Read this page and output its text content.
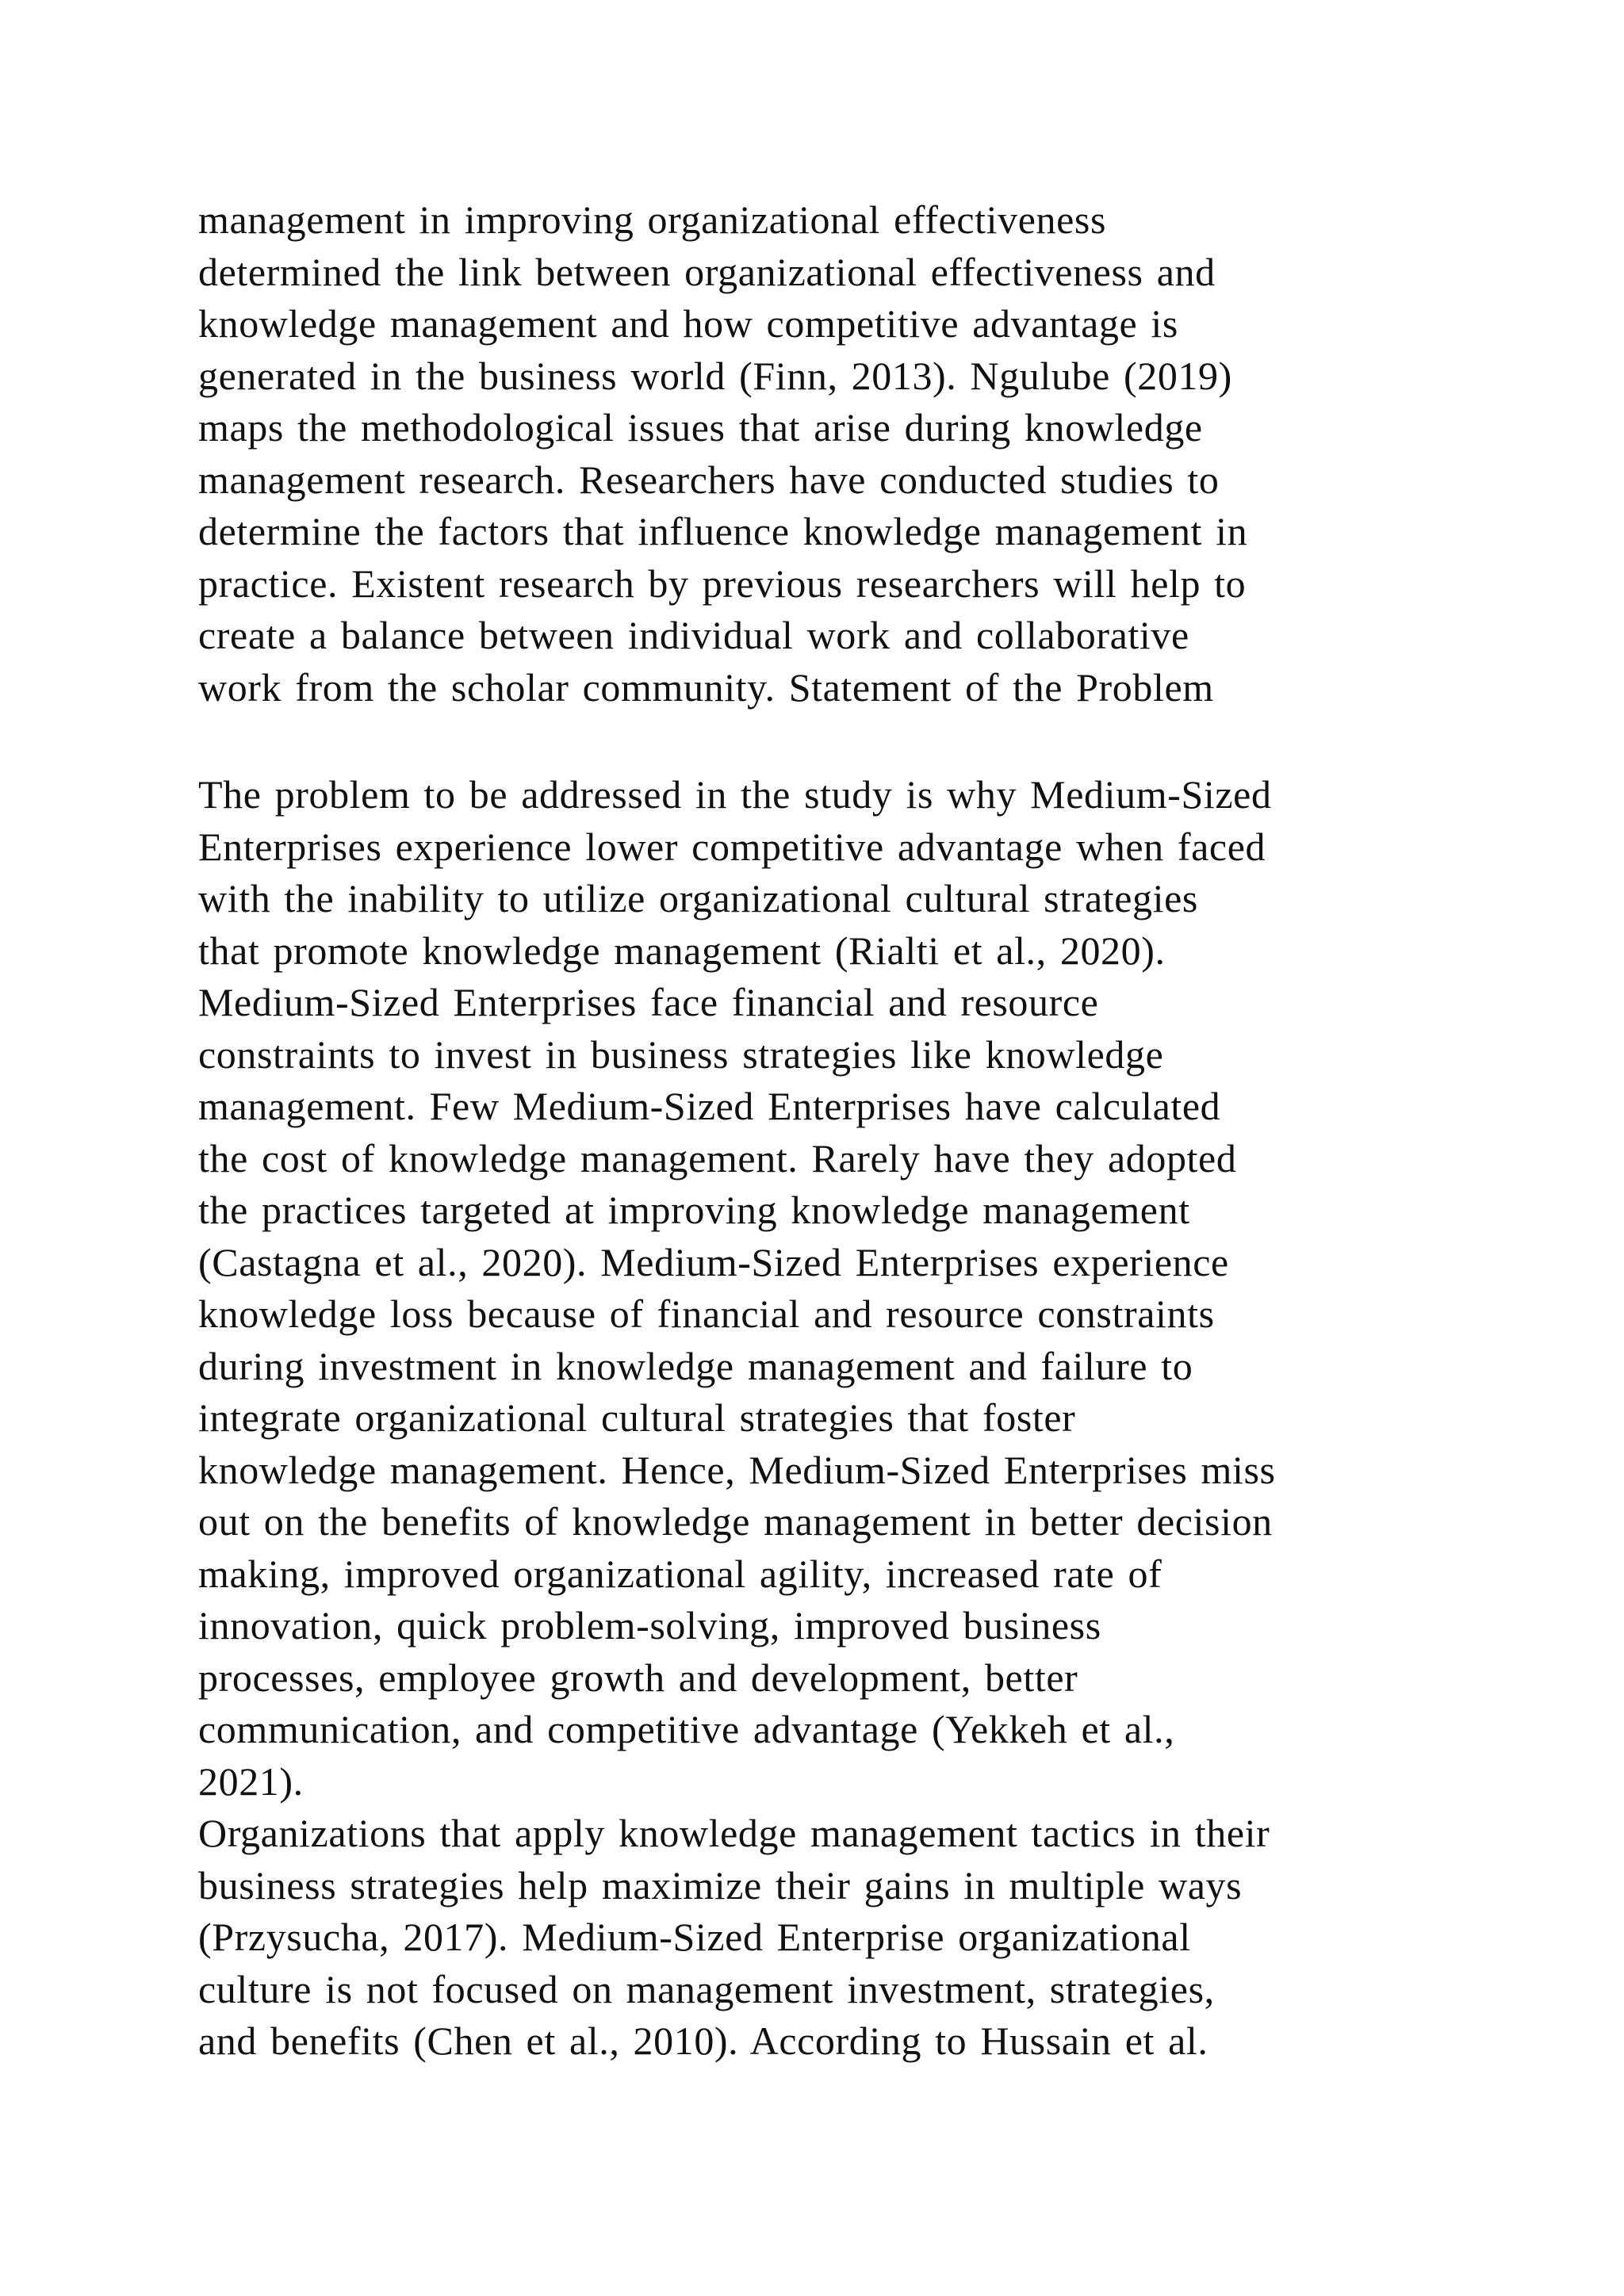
management in improving organizational effectiveness
determined the link between organizational effectiveness and
knowledge management and how competitive advantage is
generated in the business world (Finn, 2013). Ngulube (2019)
maps the methodological issues that arise during knowledge
management research. Researchers have conducted studies to
determine the factors that influence knowledge management in
practice. Existent research by previous researchers will help to
create a balance between individual work and collaborative
work from the scholar community. Statement of the Problem
The problem to be addressed in the study is why Medium-Sized
Enterprises experience lower competitive advantage when faced
with the inability to utilize organizational cultural strategies
that promote knowledge management (Rialti et al., 2020).
Medium-Sized Enterprises face financial and resource
constraints to invest in business strategies like knowledge
management. Few Medium-Sized Enterprises have calculated
the cost of knowledge management. Rarely have they adopted
the practices targeted at improving knowledge management
(Castagna et al., 2020). Medium-Sized Enterprises experience
knowledge loss because of financial and resource constraints
during investment in knowledge management and failure to
integrate organizational cultural strategies that foster
knowledge management. Hence, Medium-Sized Enterprises miss
out on the benefits of knowledge management in better decision
making, improved organizational agility, increased rate of
innovation, quick problem-solving, improved business
processes, employee growth and development, better
communication, and competitive advantage (Yekkeh et al.,
2021).
Organizations that apply knowledge management tactics in their
business strategies help maximize their gains in multiple ways
(Przysucha, 2017). Medium-Sized Enterprise organizational
culture is not focused on management investment, strategies,
and benefits (Chen et al., 2010). According to Hussain et al.
